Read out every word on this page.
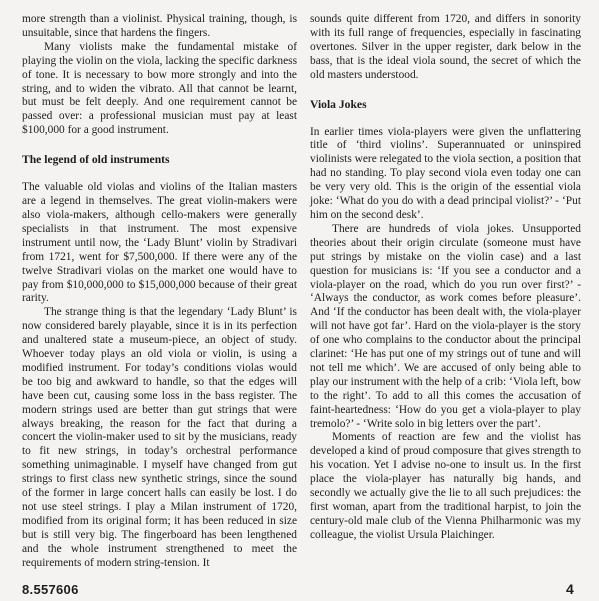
more strength than a violinist. Physical training, though, is unsuitable, since that hardens the fingers.

Many violists make the fundamental mistake of playing the violin on the viola, lacking the specific darkness of tone. It is necessary to bow more strongly and into the string, and to widen the vibrato. All that cannot be learnt, but must be felt deeply. And one requirement cannot be passed over: a professional musician must pay at least $100,000 for a good instrument.

The legend of old instruments

The valuable old violas and violins of the Italian masters are a legend in themselves. The great violin-makers were also viola-makers, although cello-makers were generally specialists in that instrument. The most expensive instrument until now, the ‘Lady Blunt’ violin by Stradivari from 1721, went for $7,500,000. If there were any of the twelve Stradivari violas on the market one would have to pay from $10,000,000 to $15,000,000 because of their great rarity.

The strange thing is that the legendary ‘Lady Blunt’ is now considered barely playable, since it is in its perfection and unaltered state a museum-piece, an object of study. Whoever today plays an old viola or violin, is using a modified instrument. For today’s conditions violas would be too big and awkward to handle, so that the edges will have been cut, causing some loss in the bass register. The modern strings used are better than gut strings that were always breaking, the reason for the fact that during a concert the violin-maker used to sit by the musicians, ready to fit new strings, in today’s orchestral performance something unimaginable. I myself have changed from gut strings to first class new synthetic strings, since the sound of the former in large concert halls can easily be lost. I do not use steel strings. I play a Milan instrument of 1720, modified from its original form; it has been reduced in size but is still very big. The fingerboard has been lengthened and the whole instrument strengthened to meet the requirements of modern string-tension. It

sounds quite different from 1720, and differs in sonority with its full range of frequencies, especially in fascinating overtones. Silver in the upper register, dark below in the bass, that is the ideal viola sound, the secret of which the old masters understood.

Viola Jokes

In earlier times viola-players were given the unflattering title of ‘third violins’. Superannuated or uninspired violinists were relegated to the viola section, a position that had no standing. To play second viola even today one can be very very old. This is the origin of the essential viola joke: ‘What do you do with a dead principal violist?’ - ‘Put him on the second desk’.

There are hundreds of viola jokes. Unsupported theories about their origin circulate (someone must have put strings by mistake on the violin case) and a last question for musicians is: ‘If you see a conductor and a viola-player on the road, which do you run over first?’ - ‘Always the conductor, as work comes before pleasure’. And ‘If the conductor has been dealt with, the viola-player will not have got far’. Hard on the viola-player is the story of one who complains to the conductor about the principal clarinet: ‘He has put one of my strings out of tune and will not tell me which’. We are accused of only being able to play our instrument with the help of a crib: ‘Viola left, bow to the right’. To add to all this comes the accusation of faint-heartedness: ‘How do you get a viola-player to play tremolo?’ - ‘Write solo in big letters over the part’.

Moments of reaction are few and the violist has developed a kind of proud composure that gives strength to his vocation. Yet I advise no-one to insult us. In the first place the viola-player has naturally big hands, and secondly we actually give the lie to all such prejudices: the first woman, apart from the traditional harpist, to join the century-old male club of the Vienna Philharmonic was my colleague, the violist Ursula Plaichinger.

8.557606	4
